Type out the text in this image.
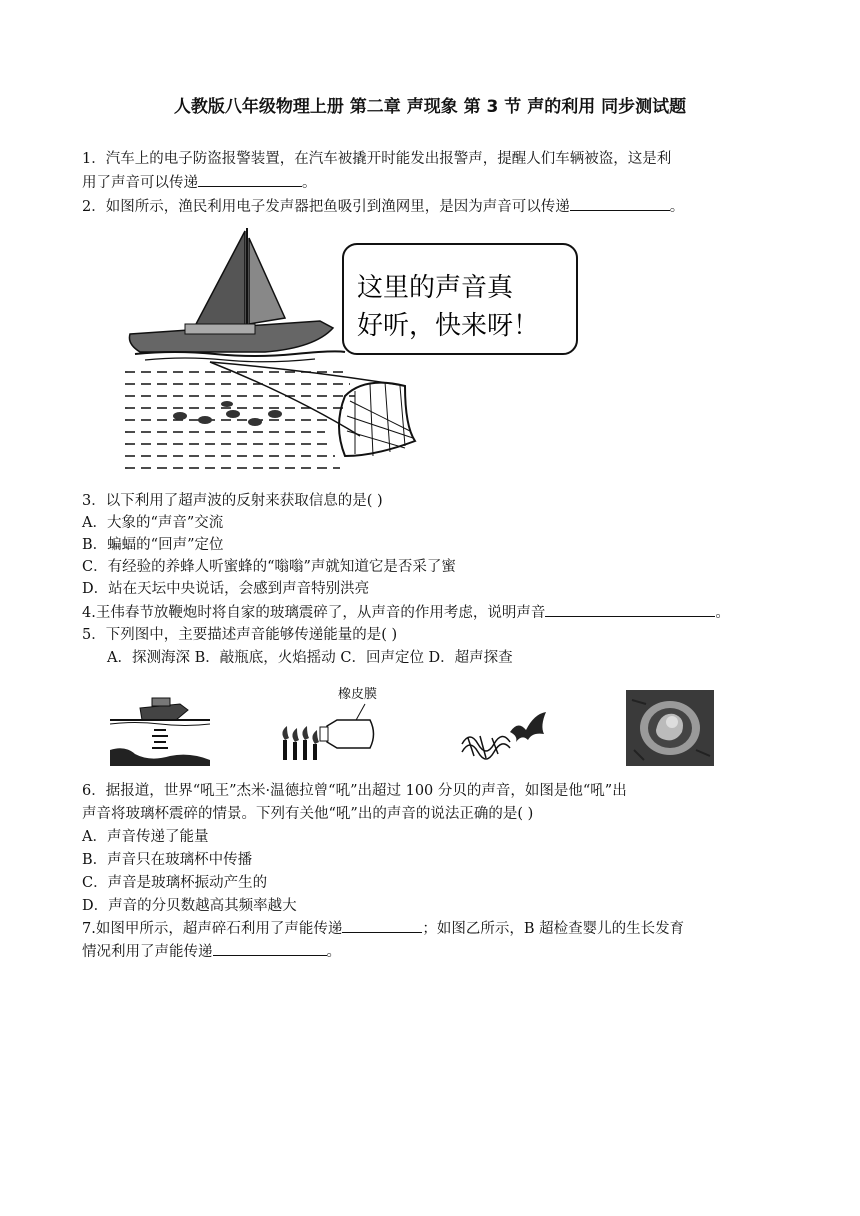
人教版八年级物理上册 第二章 声现象 第 3 节 声的利用 同步测试题
1．汽车上的电子防盗报警装置，在汽车被撬开时能发出报警声，提醒人们车辆被盗，这是利
用了声音可以传递	。
2．如图所示，渔民利用电子发声器把鱼吸引到渔网里，是因为声音可以传递	。
这里的声音真
好听，快来呀！
3．以下利用了超声波的反射来获取信息的是( )
A．大象的“声音”交流
B．蝙蝠的“回声”定位
C．有经验的养蜂人听蜜蜂的“嗡嗡”声就知道它是否采了蜜
D．站在天坛中央说话，会感到声音特别洪亮
4.王伟春节放鞭炮时将自家的玻璃震碎了，从声音的作用考虑，说明声音	。
5．下列图中，主要描述声音能够传递能量的是( )
A．探测海深 B．敲瓶底，火焰摇动 C．回声定位 D．超声探查
橡皮膜
6．据报道，世界“吼王”杰米·温德拉曾“吼”出超过 100 分贝的声音，如图是他“吼”出
声音将玻璃杯震碎的情景。下列有关他“吼”出的声音的说法正确的是( )
A．声音传递了能量
B．声音只在玻璃杯中传播
C．声音是玻璃杯振动产生的
D．声音的分贝数越高其频率越大
7.如图甲所示，超声碎石利用了声能传递	；如图乙所示，B 超检查婴儿的生长发育
情况利用了声能传递	。
